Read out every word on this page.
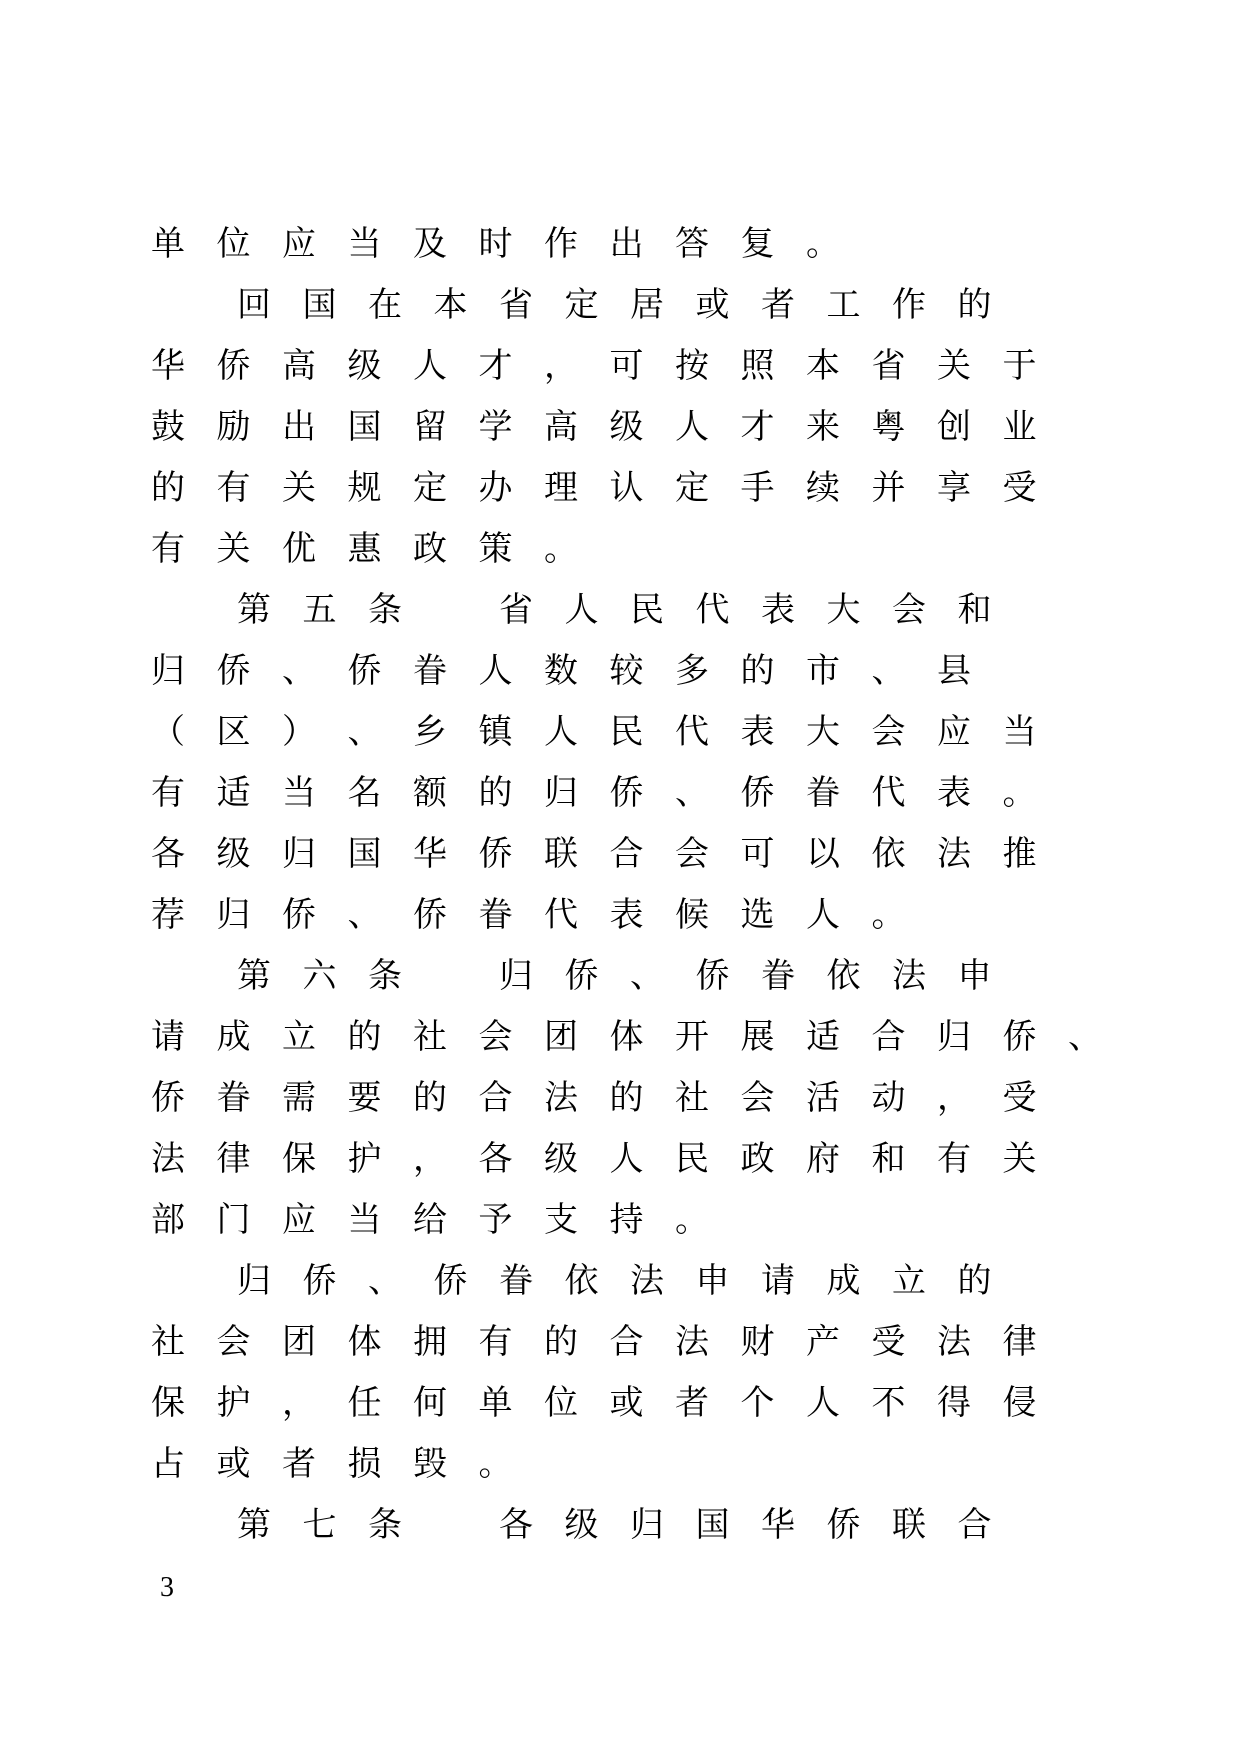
单 位 应 当 及 时 作 出 答 复 。
回 国 在 本 省 定 居 或 者 工 作 的
华 侨 高 级 人 才 ， 可 按 照 本 省 关 于
鼓 励 出 国 留 学 高 级 人 才 来 粤 创 业
的 有 关 规 定 办 理 认 定 手 续 并 享 受
有 关 优 惠 政 策 。
第 五 条
　	省 人 民 代 表 大 会 和
归 侨 、 侨 眷 人 数 较 多 的 市 、 县
（ 区 ） 、 乡 镇 人 民 代 表 大 会 应 当
有 适 当 名 额 的 归 侨 、 侨 眷 代 表 。
各 级 归 国 华 侨 联 合 会 可 以 依 法 推
荐 归 侨 、 侨 眷 代 表 候 选 人 。
第 六 条
　	归 侨 、 侨 眷 依 法 申
请 成 立 的 社 会 团 体 开 展 适 合 归 侨 、
侨 眷 需 要 的 合 法 的 社 会 活 动 ， 受
法 律 保 护 ， 各 级 人 民 政 府 和 有 关
部 门 应 当 给 予 支 持 。
归 侨 、 侨 眷 依 法 申 请 成 立 的
社 会 团 体 拥 有 的 合 法 财 产 受 法 律
保 护 ， 任 何 单 位 或 者 个 人 不 得 侵
占 或 者 损 毁 。
第 七 条
　	各 级 归 国 华 侨 联 合
3
